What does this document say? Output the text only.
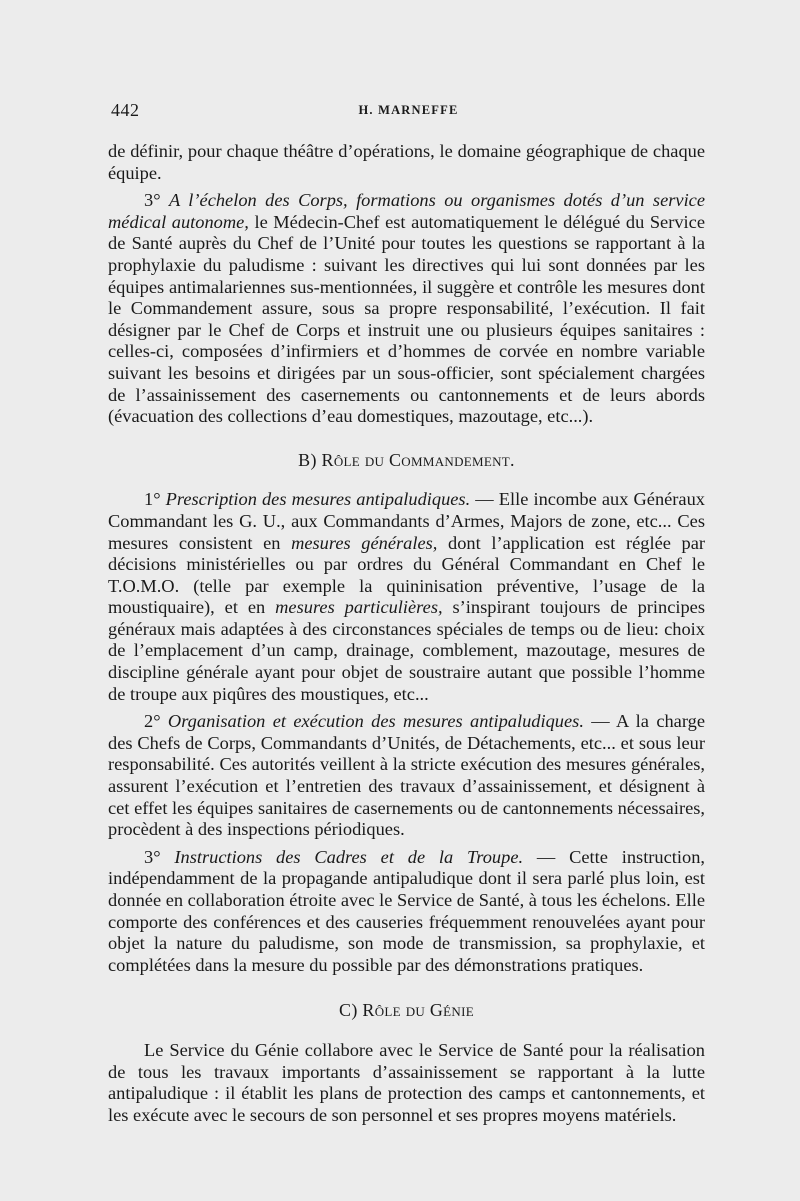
442	H. MARNEFFE

de définir, pour chaque théâtre d’opérations, le domaine géographique de chaque équipe.

3° A l’échelon des Corps, formations ou organismes dotés d’un service médical autonome, le Médecin-Chef est automatiquement le délégué du Service de Santé auprès du Chef de l’Unité pour toutes les questions se rapportant à la prophylaxie du paludisme : suivant les directives qui lui sont données par les équipes antimalariennes sus-mentionnées, il suggère et contrôle les mesures dont le Commandement assure, sous sa propre responsabilité, l’exécution. Il fait désigner par le Chef de Corps et instruit une ou plusieurs équipes sanitaires : celles-ci, composées d’infirmiers et d’hommes de corvée en nombre variable suivant les besoins et dirigées par un sous-officier, sont spécialement chargées de l’assainissement des casernements ou cantonnements et de leurs abords (évacuation des collections d’eau domestiques, mazoutage, etc...).

B) Rôle du Commandement.

1° Prescription des mesures antipaludiques. — Elle incombe aux Généraux Commandant les G. U., aux Commandants d’Armes, Majors de zone, etc... Ces mesures consistent en mesures générales, dont l’application est réglée par décisions ministérielles ou par ordres du Général Commandant en Chef le T.O.M.O. (telle par exemple la quininisation préventive, l’usage de la moustiquaire), et en mesures particulières, s’inspirant toujours de principes généraux mais adaptées à des circonstances spéciales de temps ou de lieu: choix de l’emplacement d’un camp, drainage, comblement, mazoutage, mesures de discipline générale ayant pour objet de soustraire autant que possible l’homme de troupe aux piqûres des moustiques, etc...

2° Organisation et exécution des mesures antipaludiques. — A la charge des Chefs de Corps, Commandants d’Unités, de Détachements, etc... et sous leur responsabilité. Ces autorités veillent à la stricte exécution des mesures générales, assurent l’exécution et l’entretien des travaux d’assainissement, et désignent à cet effet les équipes sanitaires de casernements ou de cantonnements nécessaires, procèdent à des inspections périodiques.

3° Instructions des Cadres et de la Troupe. — Cette instruction, indépendamment de la propagande antipaludique dont il sera parlé plus loin, est donnée en collaboration étroite avec le Service de Santé, à tous les échelons. Elle comporte des conférences et des causeries fréquemment renouvelées ayant pour objet la nature du paludisme, son mode de transmission, sa prophylaxie, et complétées dans la mesure du possible par des démonstrations pratiques.

C) Rôle du Génie

Le Service du Génie collabore avec le Service de Santé pour la réalisation de tous les travaux importants d’assainissement se rapportant à la lutte antipaludique : il établit les plans de protection des camps et cantonnements, et les exécute avec le secours de son personnel et ses propres moyens matériels.
